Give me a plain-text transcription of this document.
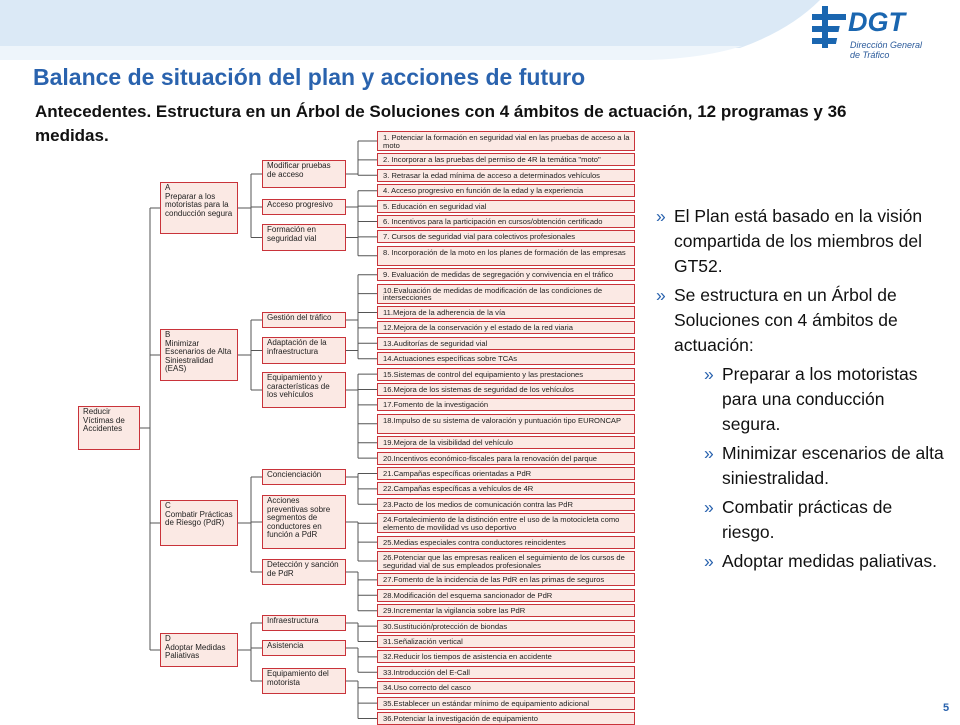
DGT
Dirección General
de Tráfico
Balance de situación del plan y acciones de futuro
Antecedentes. Estructura en un Árbol de Soluciones con 4 ámbitos de actuación, 12 programas y 36 medidas.	1. Potenciar la formación en seguridad vial en las pruebas de acceso a la moto
2. Incorporar a las pruebas del permiso de 4R la temática "moto"
3. Retrasar la edad mínima de acceso a determinados vehículos
4. Acceso progresivo en función de la edad y la experiencia
5. Educación en seguridad vial
6. Incentivos para la participación en cursos/obtención certificado
7. Cursos de seguridad vial para colectivos profesionales
8. Incorporación de la moto en los planes de formación de las empresas
9. Evaluación de medidas de segregación y convivencia en el tráfico
10.Evaluación de medidas de modificación de las condiciones de intersecciones
11.Mejora de la adherencia de la vía
12.Mejora de la conservación y el estado de la red viaria
13.Auditorías de seguridad vial
14.Actuaciones específicas sobre TCAs
15.Sistemas de control del equipamiento y las prestaciones
16.Mejora de los sistemas de seguridad de los vehículos
17.Fomento de la investigación
18.Impulso de su sistema de valoración y puntuación tipo EURONCAP
19.Mejora de la visibilidad del vehículo
20.Incentivos económico-fiscales para la renovación del parque
21.Campañas específicas orientadas a PdR
22.Campañas específicas a vehículos de 4R
23.Pacto de los medios de comunicación contra las PdR
24.Fortalecimiento de la distinción entre el uso de la motocicleta como elemento de movilidad vs uso deportivo
25.Medias especiales contra conductores reincidentes
26.Potenciar que las empresas realicen el seguimiento de los cursos de seguridad vial de sus empleados profesionales
27.Fomento de la incidencia de las PdR en las primas de seguros
28.Modificación del esquema sancionador de PdR
29.Incrementar la vigilancia sobre las PdR
30.Sustitución/protección de biondas
31.Señalización vertical
32.Reducir los tiempos de asistencia en accidente
33.Introducción del E-Call
34.Uso correcto del casco
35.Establecer un estándar mínimo de equipamiento adicional
36.Potenciar la investigación de equipamiento
Modificar pruebas de acceso
Acceso progresivo
Formación en seguridad vial
Gestión del tráfico
Adaptación de la infraestructura
Equipamiento y características de los vehículos
Concienciación
Acciones preventivas sobre segmentos de conductores en función a PdR
Detección y sanción de PdR
Infraestructura
Asistencia
Equipamiento del motorista
A
Preparar a los motoristas para la conducción segura
B
Minimizar Escenarios de Alta Siniestralidad (EAS)
C
Combatir Prácticas de Riesgo (PdR)
D
Adoptar Medidas Paliativas
Reducir Víctimas de Accidentes
» El Plan está basado en la visión compartida de los miembros del GT52.
» Se estructura en un Árbol de Soluciones con 4 ámbitos de actuación:
» Preparar a los motoristas para una conducción segura.
» Minimizar escenarios de alta siniestralidad.
» Combatir prácticas de riesgo.
» Adoptar medidas paliativas.
5
